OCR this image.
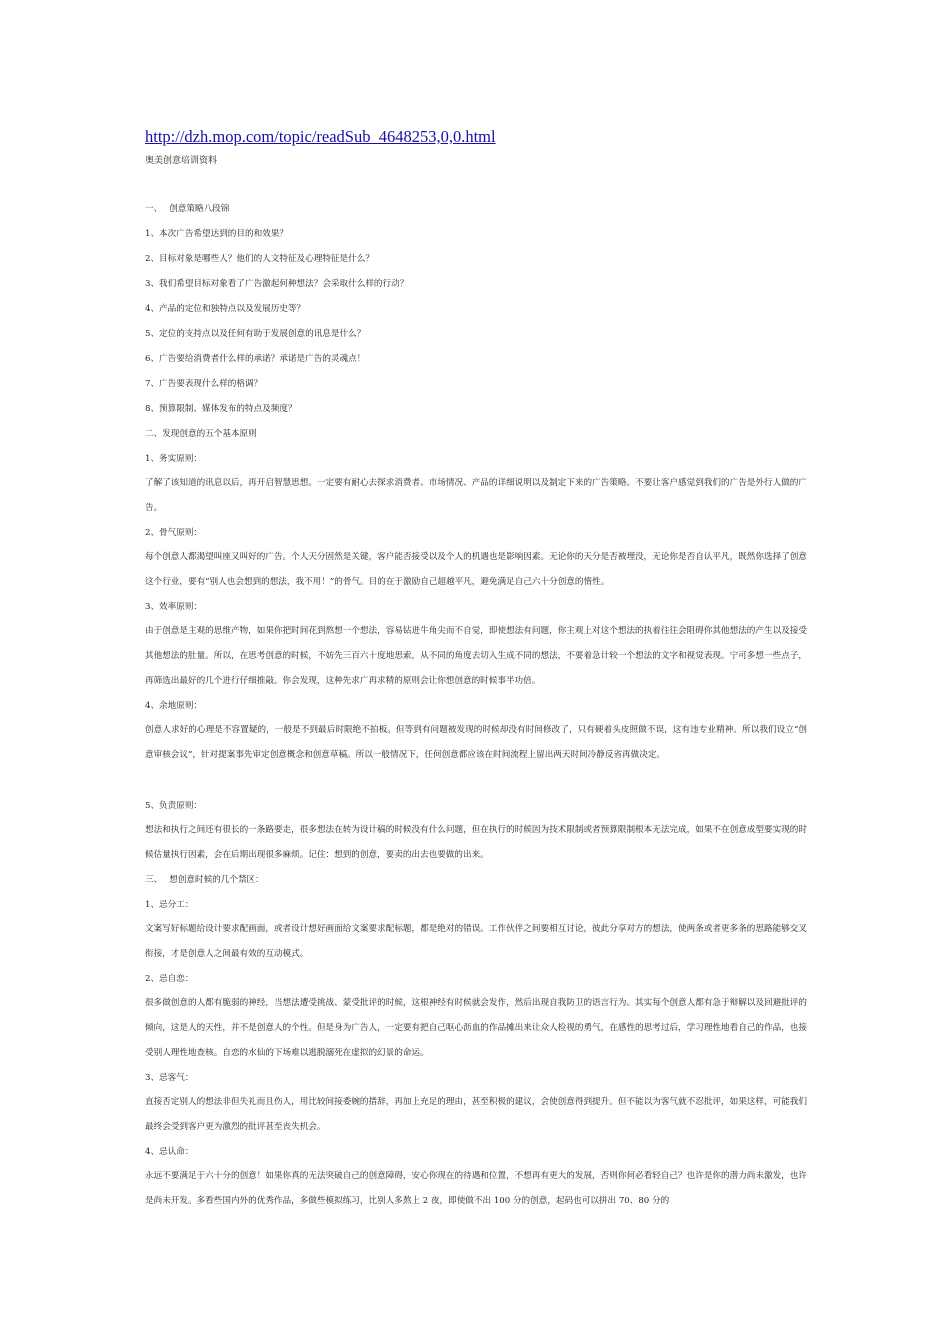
http://dzh.mop.com/topic/readSub_4648253,0,0.html
奥美创意培训资料
一、　 创意策略八段锦
1、本次广告希望达到的目的和效果？
2、目标对象是哪些人？他们的人文特征及心理特征是什么？
3、我们希望目标对象看了广告激起何种想法？会采取什么样的行动？
4、产品的定位和独特点以及发展历史等？
5、定位的支持点以及任何有助于发展创意的讯息是什么？
6、广告要给消费者什么样的承诺？承诺是广告的灵魂点！
7、广告要表现什么样的格调？
8、预算限制、媒体发布的特点及频度？
二、发现创意的五个基本原则
1、务实原则：
了解了该知道的讯息以后，再开启智慧思想。一定要有耐心去探求消费者、市场情况、产品的详细说明以及制定下来的广告策略。不要让客户感觉到我们的广告是外行人做的广告。
2、骨气原则：
每个创意人都渴望叫座又叫好的广告。个人天分固然是关键，客户能否接受以及个人的机遇也是影响因素。无论你的天分是否被埋没，无论你是否自认平凡，既然你选择了创意这个行业，要有“别人也会想到的想法，我不用！”的骨气。目的在于激励自己超越平凡，避免满足自己六十分创意的惰性。
3、效率原则：
由于创意是主观的思维产物，如果你把时间花到熬想一个想法，容易钻进牛角尖而不自觉，即使想法有问题，你主观上对这个想法的执着往往会阻碍你其他想法的产生以及接受其他想法的肚量。所以，在思考创意的时候，不妨先三百六十度地思索，从不同的角度去切入生成不同的想法，不要着急计较一个想法的文字和视觉表现。宁可多想一些点子，再筛选出最好的几个进行仔细推敲。你会发现，这种先求广再求精的原则会让你想创意的时候事半功倍。
4、余地原则：
创意人求好的心理是不容置疑的，一般是不到最后时限绝不拍板。但等到有问题被发现的时候却没有时间修改了，只有硬着头皮照做不误，这有违专业精神。所以我们设立“创意审核会议”，针对提案事先审定创意概念和创意草稿。所以一般情况下，任何创意都应该在时间流程上留出两天时间冷静反省再做决定。
5、负责原则：
想法和执行之间还有很长的一条路要走，很多想法在转为设计稿的时候没有什么问题，但在执行的时候因为技术限制或者预算限制根本无法完成，如果不在创意成型要实现的时候估量执行因素，会在后期出现很多麻烦。记住：想到的创意，要卖的出去也要做的出来。
三、　 想创意时候的几个禁区：
1、忌分工：
文案写好标题给设计要求配画面，或者设计想好画面给文案要求配标题，都是绝对的错误。工作伙伴之间要相互讨论，彼此分享对方的想法，使两条或者更多条的思路能够交叉衔接，才是创意人之间最有效的互动模式。
2、忌自恋：
很多做创意的人都有脆弱的神经，当想法遭受挑战、蒙受批评的时候，这根神经有时候就会发作，然后出现自我防卫的语言行为。其实每个创意人都有急于辩解以及回避批评的倾向，这是人的天性，并不是创意人的个性。但是身为广告人，一定要有把自己呕心沥血的作品摊出来让众人检视的勇气，在感性的思考过后，学习理性地看自己的作品，也接受别人理性地查核。自恋的水仙的下场难以逃脱溺死在虚拟的幻景的命运。
3、忌客气：
直接否定别人的想法非但失礼而且伤人，用比较间接委婉的措辞，再加上充足的理由，甚至积极的建议，会使创意得到提升。但不能以为客气就不忍批评，如果这样，可能我们最终会受到客户更为激烈的批评甚至丧失机会。
4、忌认命：
永远不要满足于六十分的创意！如果你真的无法突破自己的创意障碍，安心你现在的待遇和位置，不想再有更大的发展，否则你何必看轻自己？也许是你的潜力尚未激发，也许是尚未开发。多看些国内外的优秀作品，多做些模拟练习，比别人多熬上 2 夜，即使做不出 100 分的创意，起码也可以拼出 70、80 分的
